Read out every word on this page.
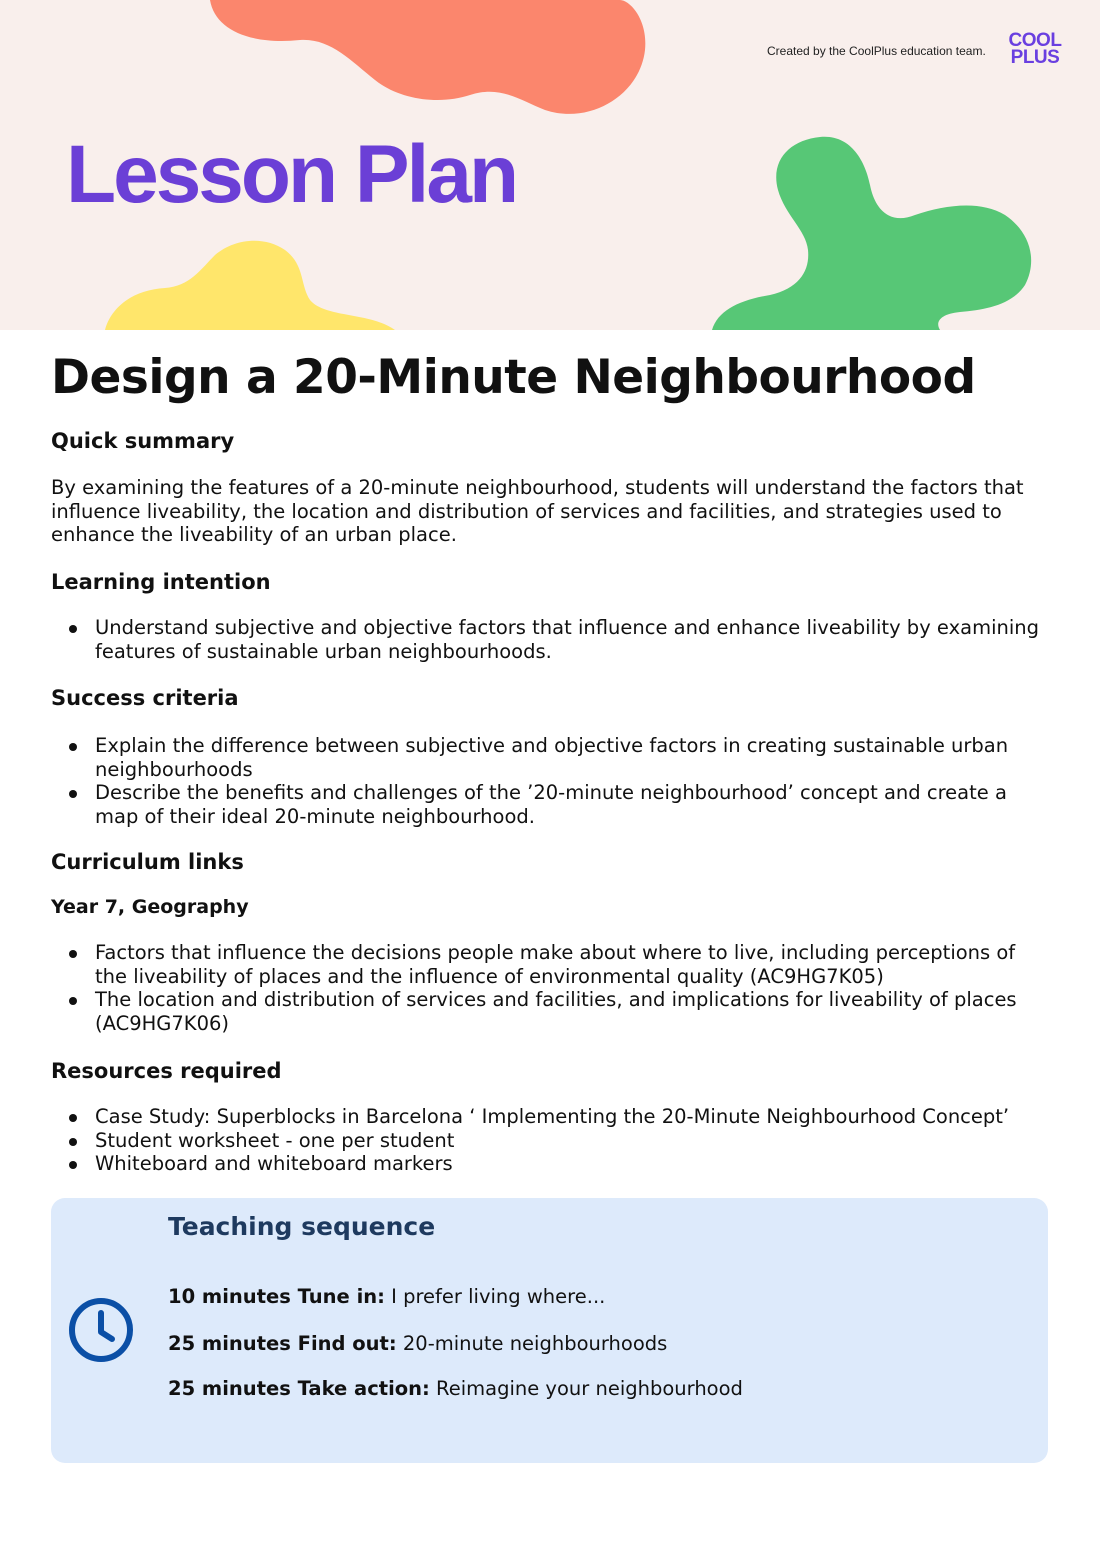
Created by the CoolPlus education team. COOL
PLUS
Lesson Plan
Design a 20-Minute Neighbourhood
Quick summary

By examining the features of a 20-minute neighbourhood, students will understand the factors that influence liveability, the location and distribution of services and facilities, and strategies used to enhance the liveability of an urban place.

Learning intention
Understand subjective and objective factors that influence and enhance liveability by examining features of sustainable urban neighbourhoods.
Success criteria
Explain the difference between subjective and objective factors in creating sustainable urban neighbourhoods
Describe the benefits and challenges of the ’20-minute neighbourhood’ concept and create a map of their ideal 20-minute neighbourhood.
Curriculum links
Year 7, Geography
Factors that influence the decisions people make about where to live, including perceptions of the liveability of places and the influence of environmental quality (AC9HG7K05)
The location and distribution of services and facilities, and implications for liveability of places (AC9HG7K06)
Resources required
Case Study: Superblocks in Barcelona ‘ Implementing the 20-Minute Neighbourhood Concept’
Student worksheet - one per student
Whiteboard and whiteboard markers
Teaching sequence
10 minutes Tune in: I prefer living where...
25 minutes Find out: 20-minute neighbourhoods
25 minutes Take action: Reimagine your neighbourhood
